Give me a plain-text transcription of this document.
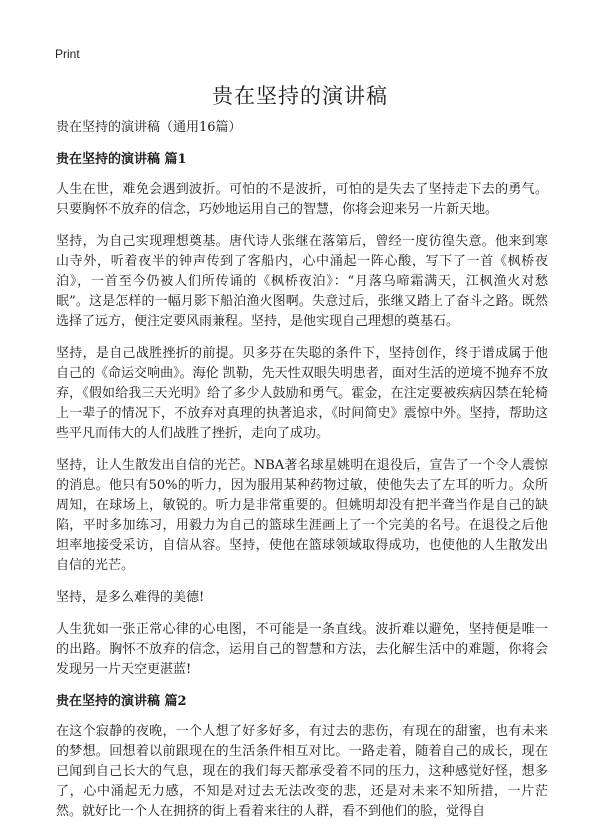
Print
贵在坚持的演讲稿

贵在坚持的演讲稿（通用16篇）

贵在坚持的演讲稿 篇1

人生在世，难免会遇到波折。可怕的不是波折，可怕的是失去了坚持走下去的勇气。只要胸怀不放弃的信念，巧妙地运用自己的智慧，你将会迎来另一片新天地。

坚持，为自己实现理想奠基。唐代诗人张继在落第后，曾经一度彷徨失意。他来到寒山寺外，听着夜半的钟声传到了客船内，心中涌起一阵心酸，写下了一首《枫桥夜泊》，一首至今仍被人们所传诵的《枫桥夜泊》：“月落乌啼霜满天，江枫渔火对愁眠”。这是怎样的一幅月影下船泊渔火图啊。失意过后，张继又踏上了奋斗之路。既然选择了远方，便注定要风雨兼程。坚持，是他实现自己理想的奠基石。

坚持，是自己战胜挫折的前提。贝多芬在失聪的条件下，坚持创作，终于谱成属于他自己的《命运交响曲》。海伦 凯勒，先天性双眼失明患者，面对生活的逆境不抛弃不放弃，《假如给我三天光明》给了多少人鼓励和勇气。霍金，在注定要被疾病囚禁在轮椅上一辈子的情况下，不放弃对真理的执著追求，《时间简史》震惊中外。坚持，帮助这些平凡而伟大的人们战胜了挫折，走向了成功。

坚持，让人生散发出自信的光芒。NBA著名球星姚明在退役后，宣告了一个令人震惊的消息。他只有50%的听力，因为服用某种药物过敏，使他失去了左耳的听力。众所周知，在球场上，敏锐的。听力是非常重要的。但姚明却没有把半聋当作是自己的缺陷，平时多加练习，用毅力为自己的篮球生涯画上了一个完美的名号。在退役之后他坦率地接受采访，自信从容。坚持，使他在篮球领域取得成功，也使他的人生散发出自信的光芒。

坚持，是多么难得的美德!

人生犹如一张正常心律的心电图，不可能是一条直线。波折难以避免，坚持便是唯一的出路。胸怀不放弃的信念，运用自己的智慧和方法，去化解生活中的难题，你将会发现另一片天空更湛蓝!

贵在坚持的演讲稿 篇2

在这个寂静的夜晚，一个人想了好多好多，有过去的悲伤，有现在的甜蜜，也有未来的梦想。回想着以前跟现在的生活条件相互对比。一路走着，随着自己的成长，现在已闻到自己长大的气息，现在的我们每天都承受着不同的压力，这种感觉好怪，想多了，心中涌起无力感，不知是对过去无法改变的悲，还是对未来不知所措，一片茫然。就好比一个人在拥挤的街上看着来往的人群，看不到他们的脸，觉得自
